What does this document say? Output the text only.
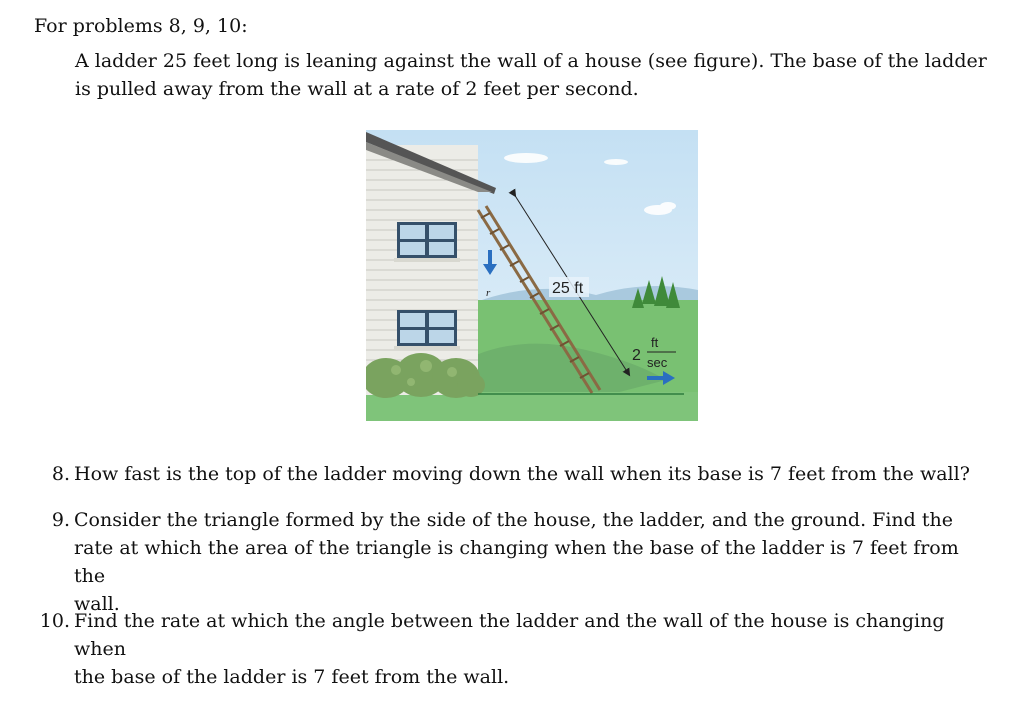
For problems 8, 9, 10:
A ladder 25 feet long is leaning against the wall of a house (see figure). The base of the ladder
is pulled away from the wall at a rate of 2 feet per second.
25 ft
r
2
ft
sec
8. How fast is the top of the ladder moving down the wall when its base is 7 feet from the wall?
9. Consider the triangle formed by the side of the house, the ladder, and the ground. Find the
rate at which the area of the triangle is changing when the base of the ladder is 7 feet from the
wall.
10. Find the rate at which the angle between the ladder and the wall of the house is changing when
the base of the ladder is 7 feet from the wall.
